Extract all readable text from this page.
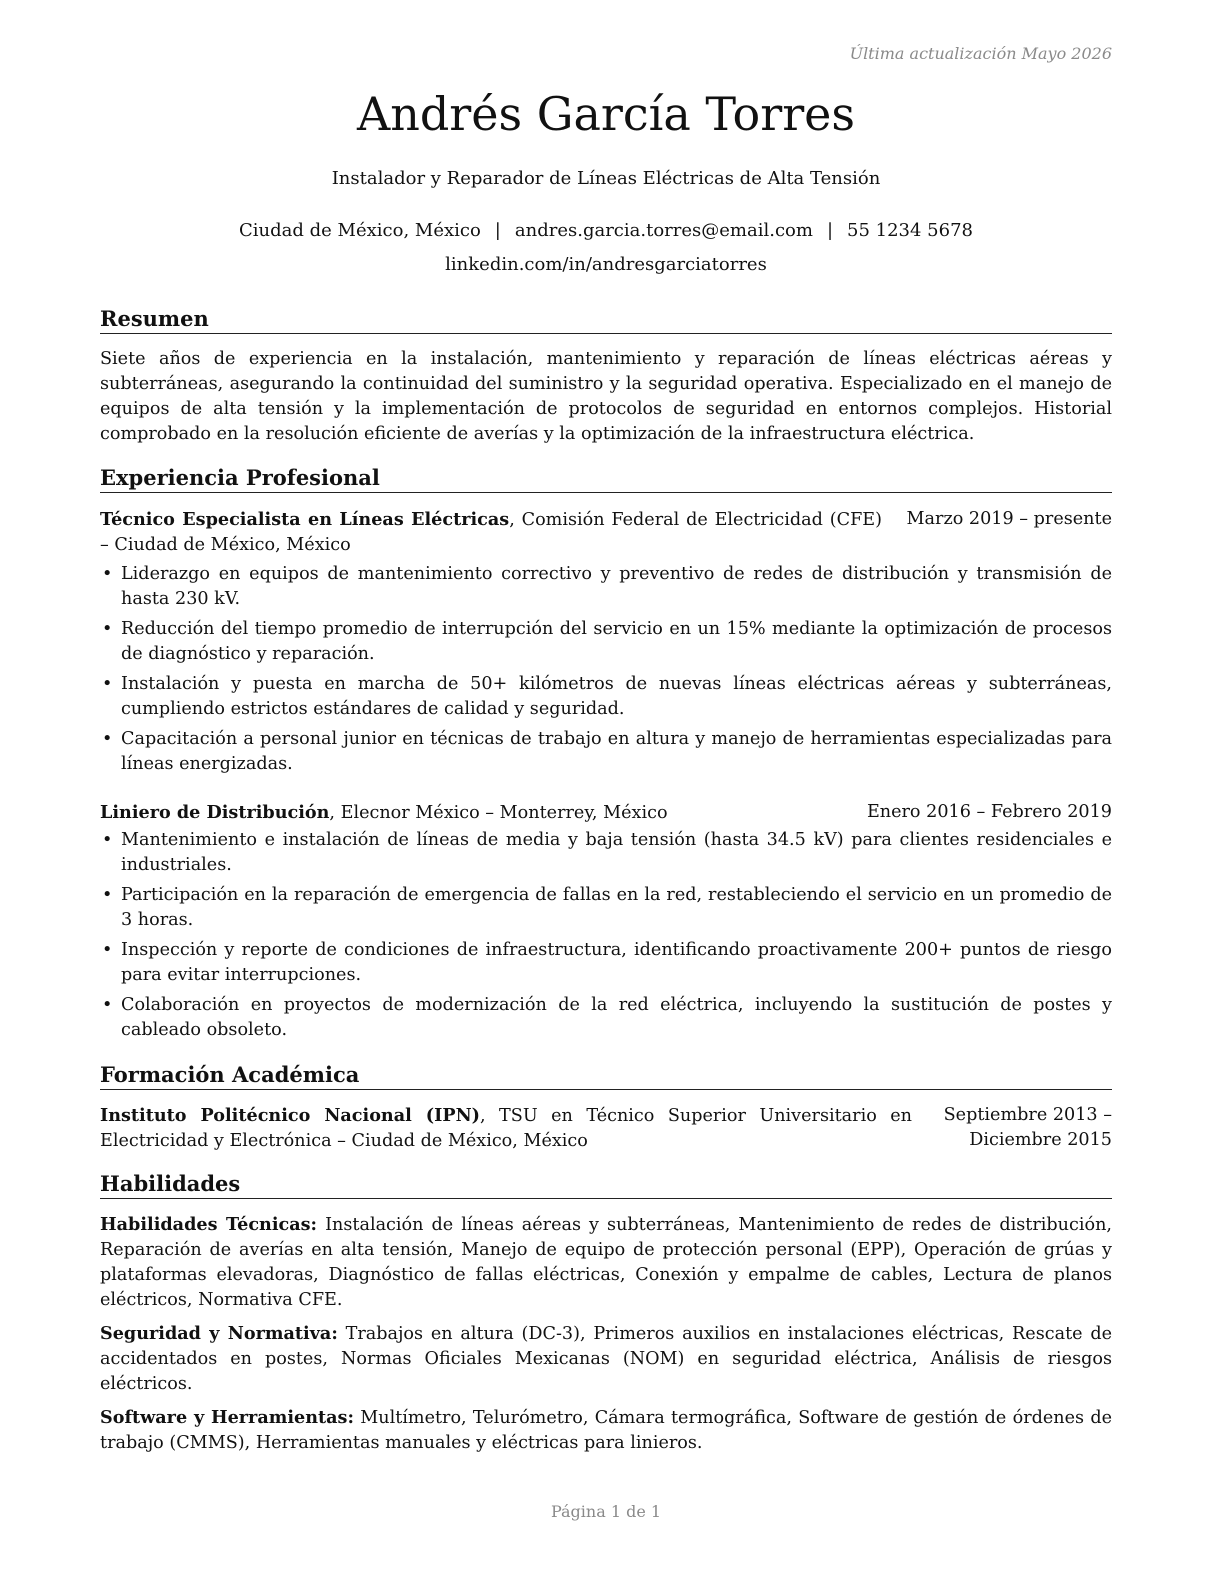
Última actualización Mayo 2026
Andrés García Torres
Instalador y Reparador de Líneas Eléctricas de Alta Tensión
Ciudad de México, México | andres.garcia.torres@email.com | 55 1234 5678
linkedin.com/in/andresgarciatorres
Resumen
Siete años de experiencia en la instalación, mantenimiento y reparación de líneas eléctricas aéreas y subterráneas, asegurando la continuidad del suministro y la seguridad operativa. Especializado en el manejo de equipos de alta tensión y la implementación de protocolos de seguridad en entornos complejos. Historial comprobado en la resolución eficiente de averías y la optimización de la infraestructura eléctrica.
Experiencia Profesional
Técnico Especialista en Líneas Eléctricas, Comisión Federal de Electricidad (CFE) – Ciudad de México, México
Marzo 2019 – presente
• Liderazgo en equipos de mantenimiento correctivo y preventivo de redes de distribución y transmisión de hasta 230 kV.
• Reducción del tiempo promedio de interrupción del servicio en un 15% mediante la optimización de procesos de diagnóstico y reparación.
• Instalación y puesta en marcha de 50+ kilómetros de nuevas líneas eléctricas aéreas y subterráneas, cumpliendo estrictos estándares de calidad y seguridad.
• Capacitación a personal junior en técnicas de trabajo en altura y manejo de herramientas especializadas para líneas energizadas.
Liniero de Distribución, Elecnor México – Monterrey, México	Enero 2016 – Febrero 2019
• Mantenimiento e instalación de líneas de media y baja tensión (hasta 34.5 kV) para clientes residenciales e industriales.
• Participación en la reparación de emergencia de fallas en la red, restableciendo el servicio en un promedio de 3 horas.
• Inspección y reporte de condiciones de infraestructura, identificando proactivamente 200+ puntos de riesgo para evitar interrupciones.
• Colaboración en proyectos de modernización de la red eléctrica, incluyendo la sustitución de postes y cableado obsoleto.
Formación Académica
Instituto Politécnico Nacional (IPN), TSU en Técnico Superior Universitario en Electricidad y Electrónica – Ciudad de México, México
Septiembre 2013 – Diciembre 2015
Habilidades
Habilidades Técnicas: Instalación de líneas aéreas y subterráneas, Mantenimiento de redes de distribución, Reparación de averías en alta tensión, Manejo de equipo de protección personal (EPP), Operación de grúas y plataformas elevadoras, Diagnóstico de fallas eléctricas, Conexión y empalme de cables, Lectura de planos eléctricos, Normativa CFE.
Seguridad y Normativa: Trabajos en altura (DC-3), Primeros auxilios en instalaciones eléctricas, Rescate de accidentados en postes, Normas Oficiales Mexicanas (NOM) en seguridad eléctrica, Análisis de riesgos eléctricos.
Software y Herramientas: Multímetro, Telurómetro, Cámara termográfica, Software de gestión de órdenes de trabajo (CMMS), Herramientas manuales y eléctricas para linieros.
Página 1 de 1
